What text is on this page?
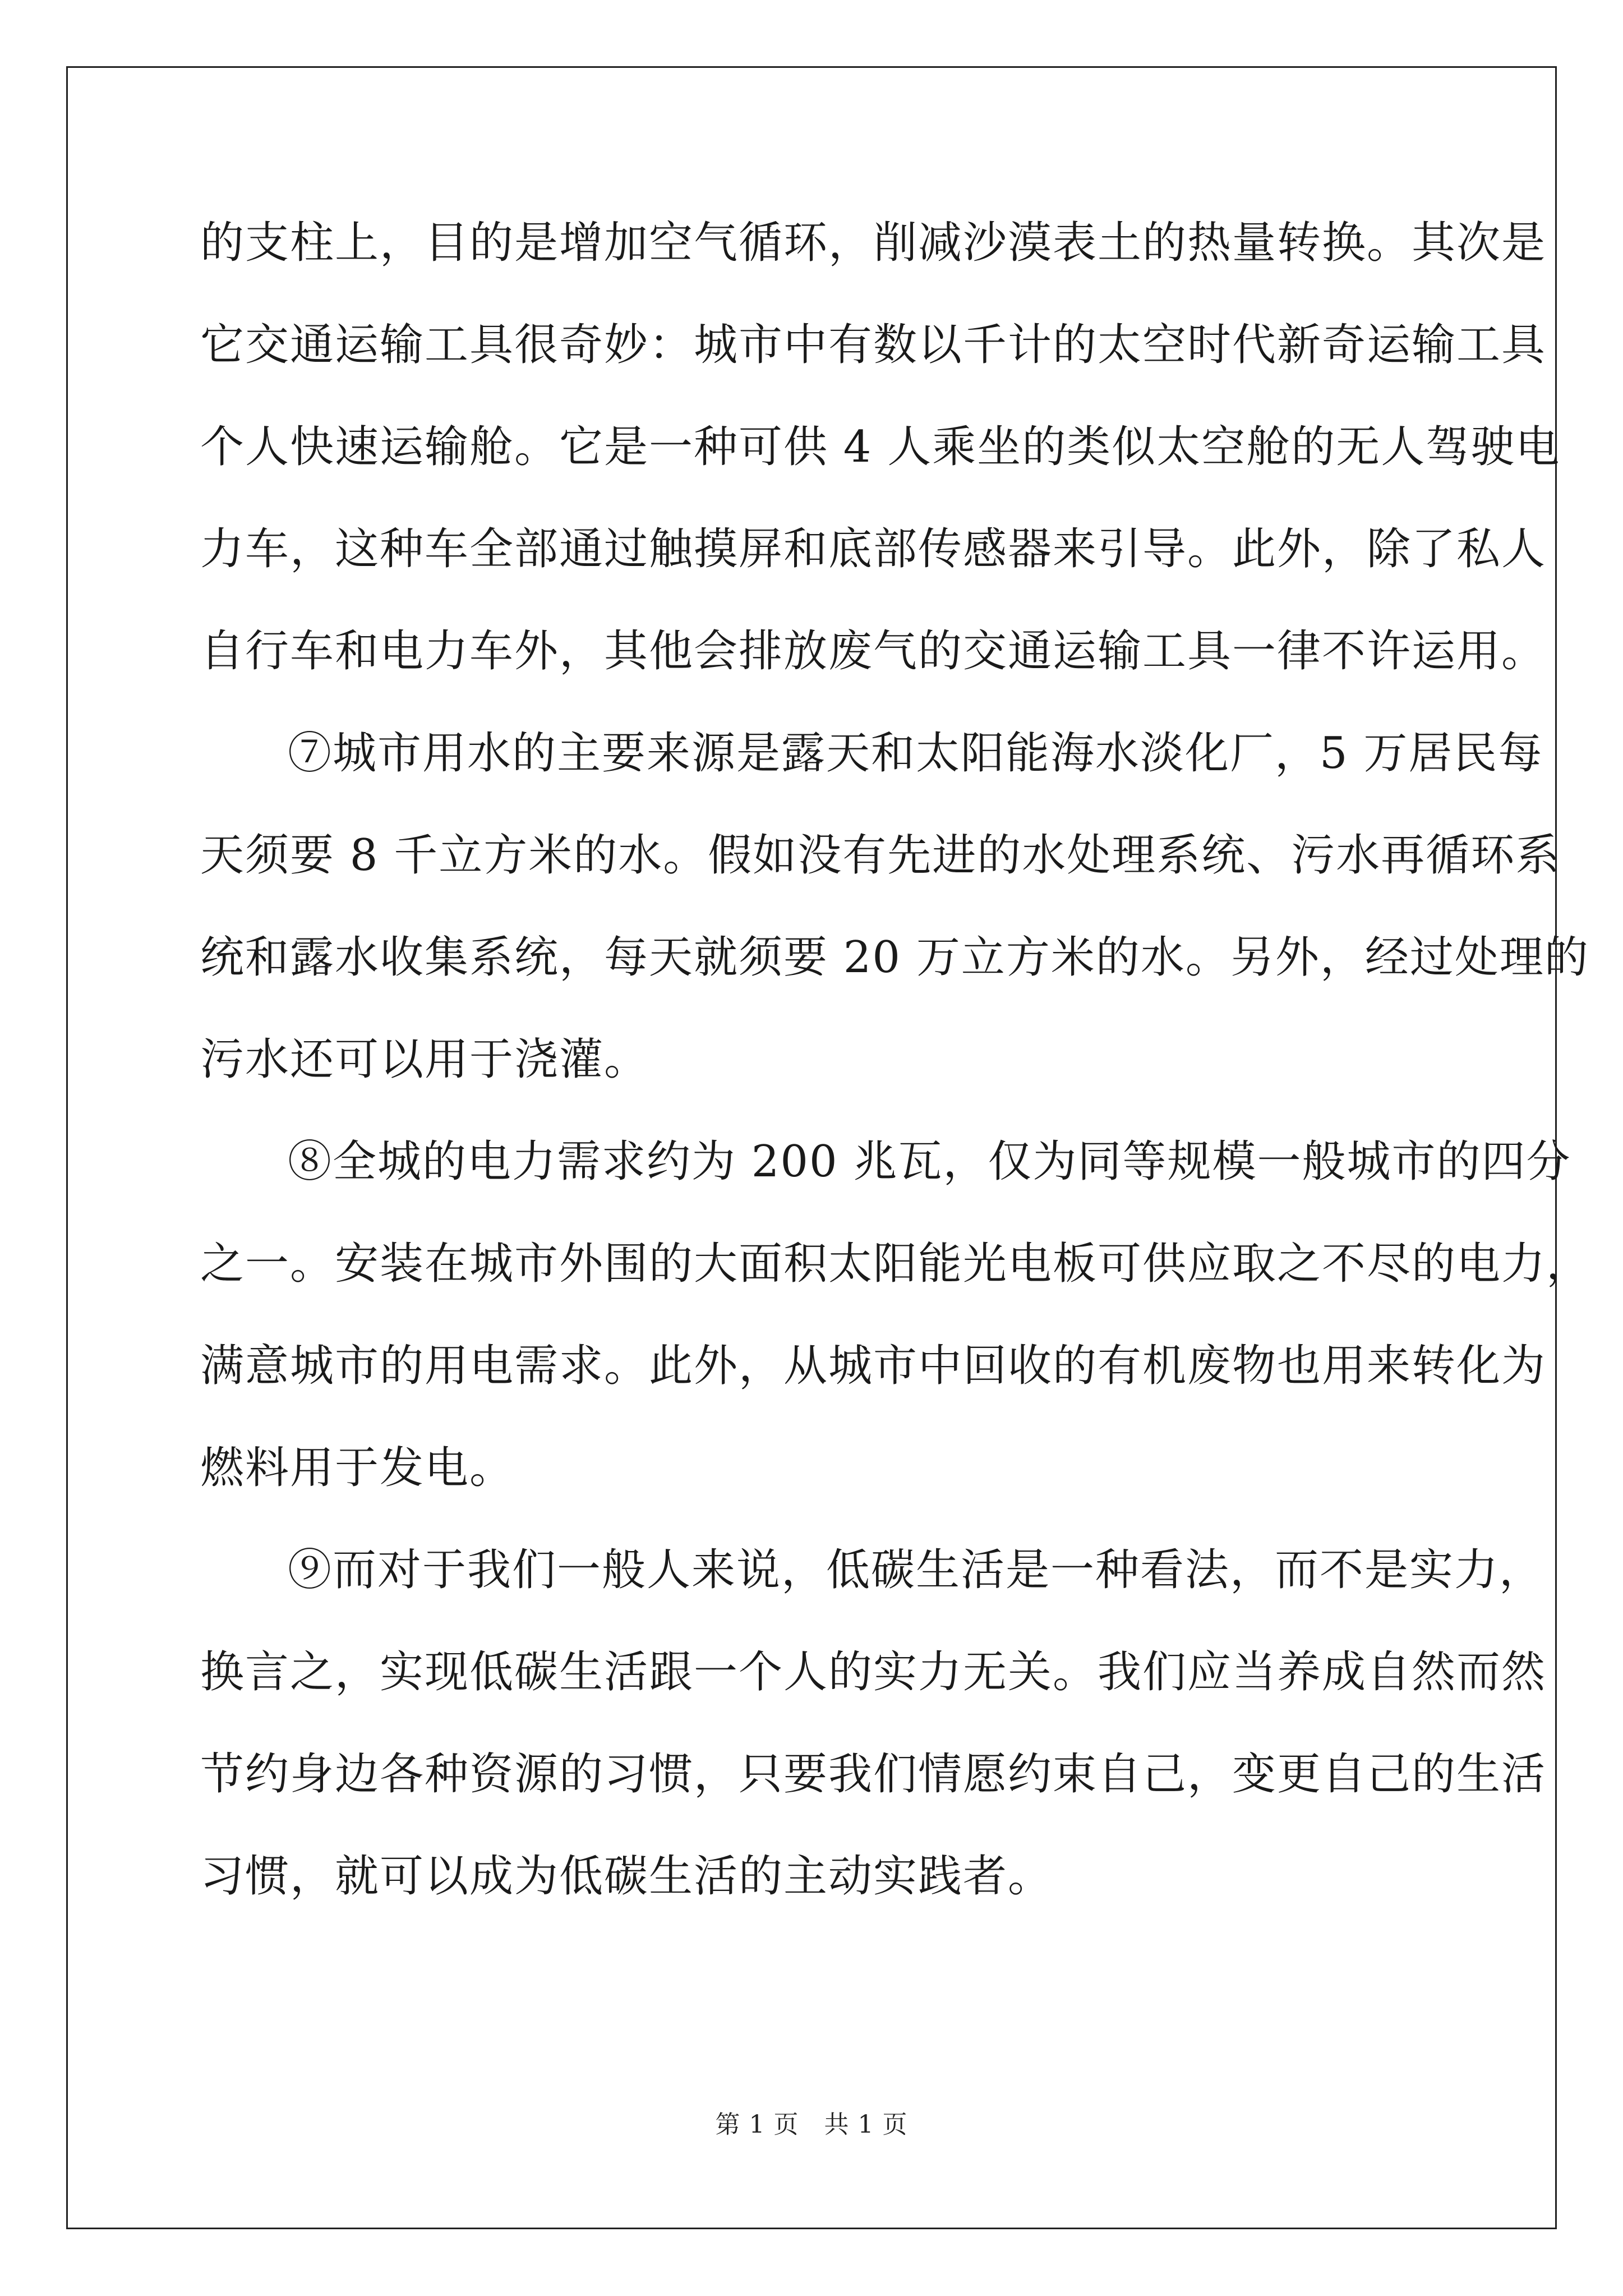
的支柱上，目的是增加空气循环，削减沙漠表土的热量转换。其次是
它交通运输工具很奇妙：城市中有数以千计的太空时代新奇运输工具
个人快速运输舱。它是一种可供 4 人乘坐的类似太空舱的无人驾驶电
力车，这种车全部通过触摸屏和底部传感器来引导。此外，除了私人
自行车和电力车外，其他会排放废气的交通运输工具一律不许运用。
⑦城市用水的主要来源是露天和太阳能海水淡化厂，5 万居民每
天须要 8 千立方米的水。假如没有先进的水处理系统、污水再循环系
统和露水收集系统，每天就须要 20 万立方米的水。另外，经过处理的
污水还可以用于浇灌。
⑧全城的电力需求约为 200 兆瓦，仅为同等规模一般城市的四分
之一。安装在城市外围的大面积太阳能光电板可供应取之不尽的电力，
满意城市的用电需求。此外，从城市中回收的有机废物也用来转化为
燃料用于发电。
⑨而对于我们一般人来说，低碳生活是一种看法，而不是实力，
换言之，实现低碳生活跟一个人的实力无关。我们应当养成自然而然
节约身边各种资源的习惯，只要我们情愿约束自己，变更自己的生活
习惯，就可以成为低碳生活的主动实践者。
第 1 页　共 1 页
